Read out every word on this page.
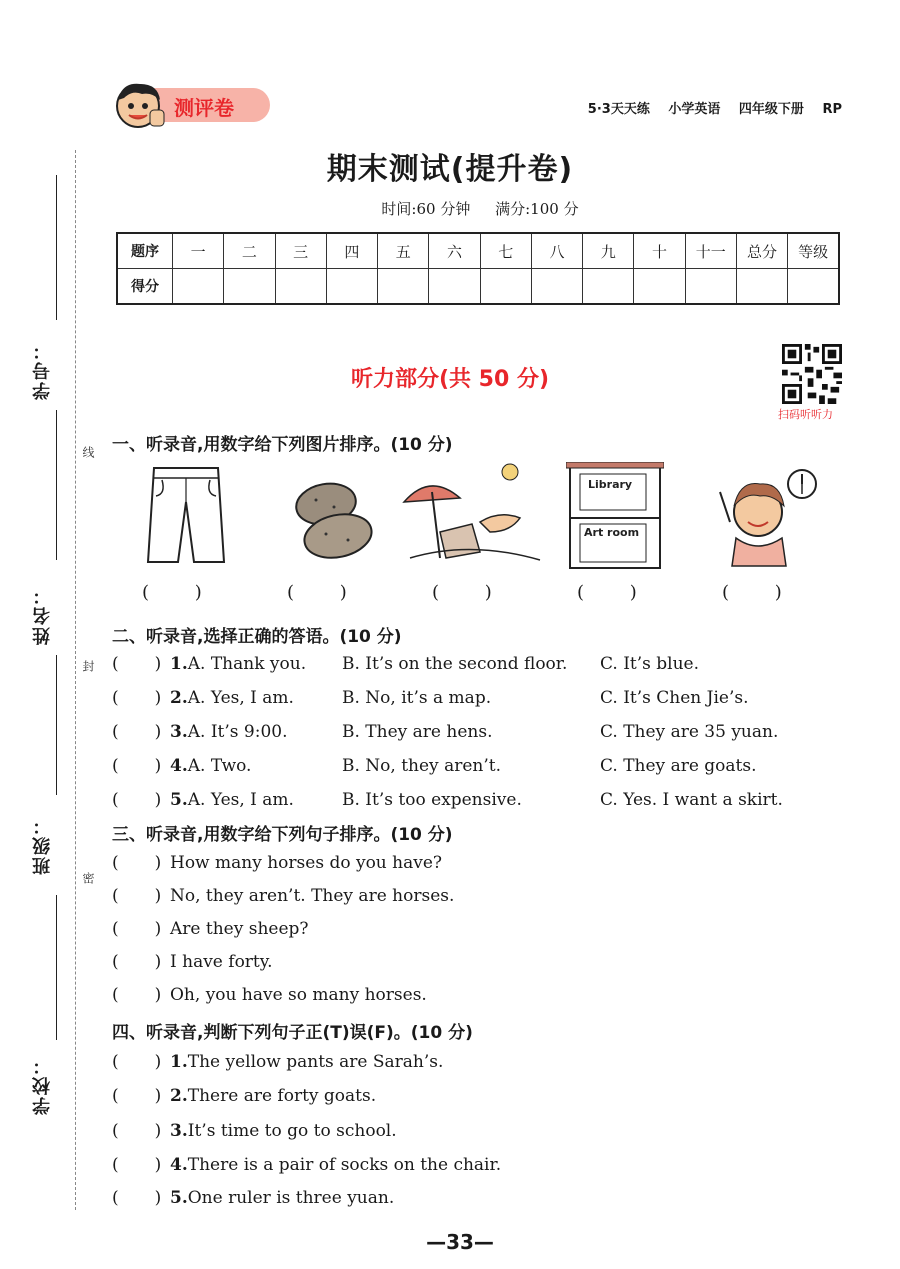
学号：
姓名：
班级：
学校：
线
封
密
测评卷	5·3天天练 小学英语 四年级下册 RP
期末测试(提升卷)
时间:60 分钟 满分:100 分
题序	一	二	三	四	五	六	七	八	九	十	十一	总分	等级
得分													
扫码听听力
听力部分(共 50 分)
一、听录音,用数字给下列图片排序。(10 分)
Library
Art room
(        )	(        )	(        )	(        )	(        )
二、听录音,选择正确的答语。(10 分)
( ) 1.A. Thank you. B. It’s on the second floor. C. It’s blue.
( ) 2.A. Yes, I am.	B. No, it’s a map.	C. It’s Chen Jie’s.
( ) 3.A. It’s 9:00.	B. They are hens.	C. They are 35 yuan.
( ) 4.A. Two.	B. No, they aren’t.	C. They are goats.
( ) 5.A. Yes, I am.	B. It’s too expensive.	C. Yes. I want a skirt.
三、听录音,用数字给下列句子排序。(10 分)
( ) How many horses do you have?
( ) No, they aren’t. They are horses.
( ) Are they sheep?
( ) I have forty.
( ) Oh, you have so many horses.
四、听录音,判断下列句子正(T)误(F)。(10 分)
( ) 1.The yellow pants are Sarah’s.
( ) 2.There are forty goats.
( ) 3.It’s time to go to school.
( ) 4.There is a pair of socks on the chair.
( ) 5.One ruler is three yuan.
—33—
